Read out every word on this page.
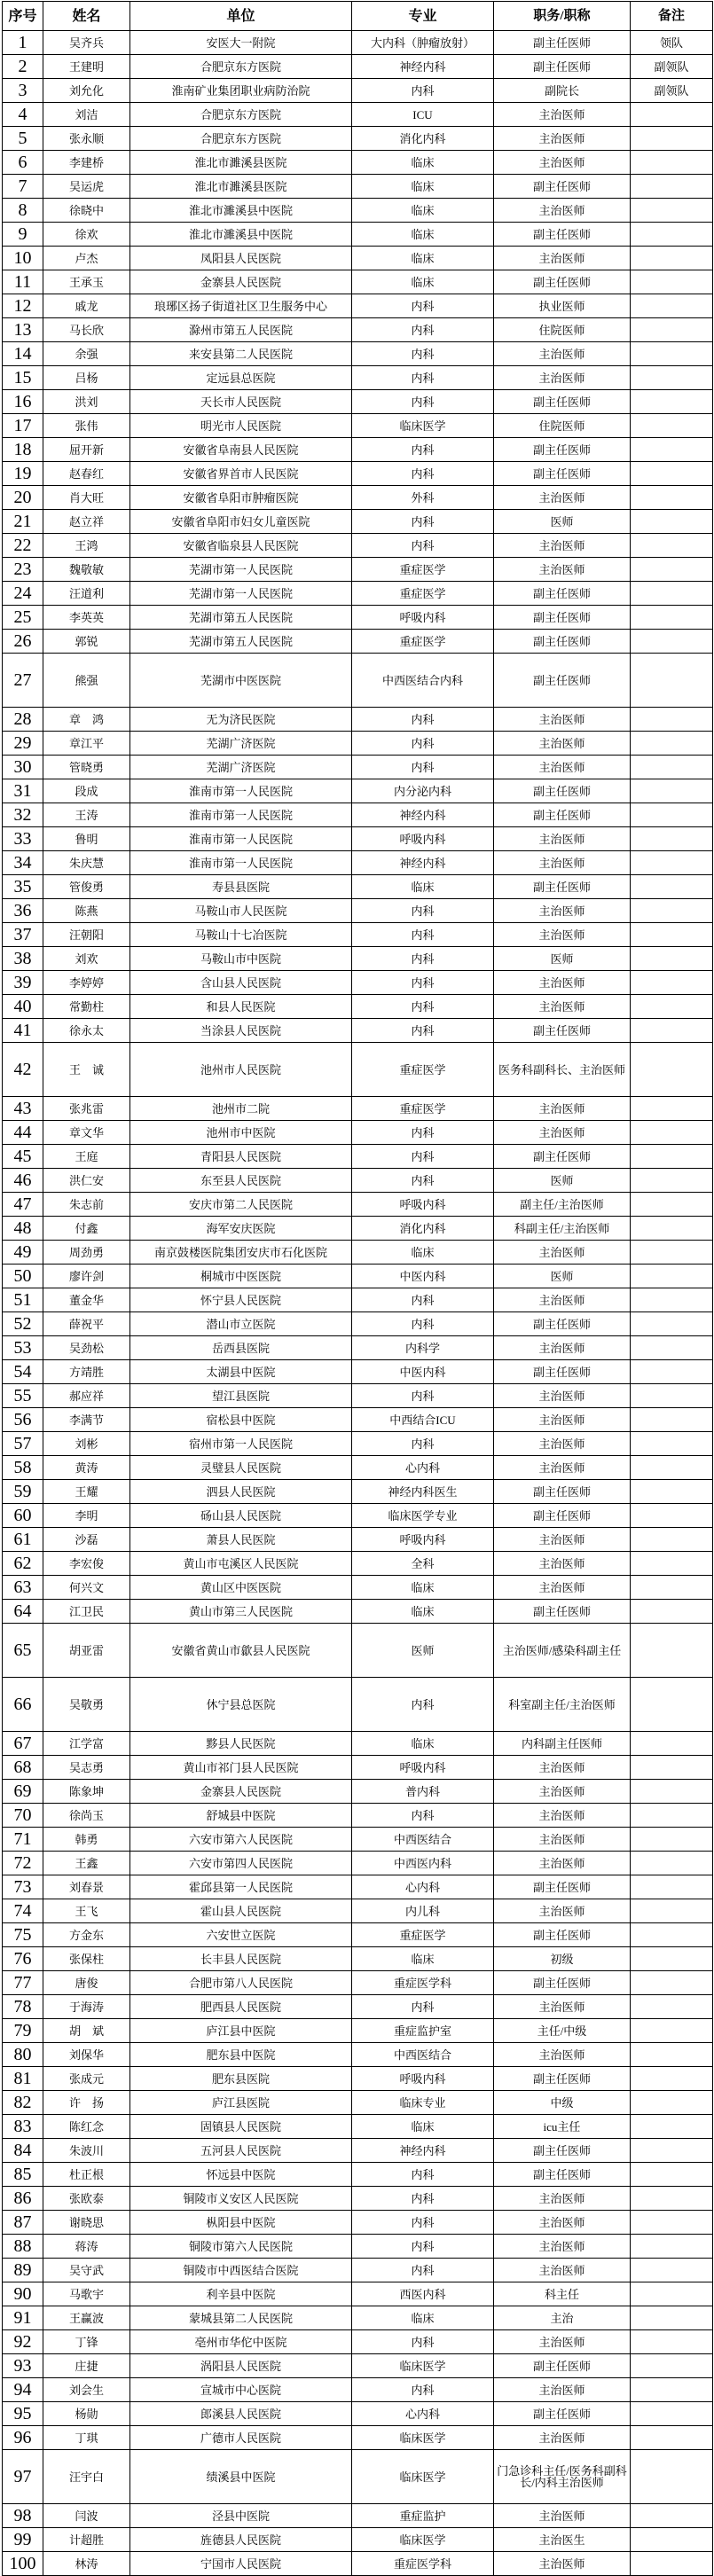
序号	姓名	单位	专业	职务/职称	备注
1	吴齐兵	安医大一附院	大内科（肿瘤放射）	副主任医师	领队
2	王建明	合肥京东方医院	神经内科	副主任医师	副领队
3	刘允化	淮南矿业集团职业病防治院	内科	副院长	副领队
4	刘洁	合肥京东方医院	ICU	主治医师	
5	张永顺	合肥京东方医院	消化内科	主治医师	
6	李建桥	淮北市濉溪县医院	临床	主治医师	
7	吴运虎	淮北市濉溪县医院	临床	副主任医师	
8	徐晓中	淮北市濉溪县中医院	临床	主治医师	
9	徐欢	淮北市濉溪县中医院	临床	副主任医师	
10	卢杰	凤阳县人民医院	临床	主治医师	
11	王承玉	金寨县人民医院	临床	副主任医师	
12	戚龙	琅琊区扬子街道社区卫生服务中心	内科	执业医师	
13	马长欣	滁州市第五人民医院	内科	住院医师	
14	余强	来安县第二人民医院	内科	主治医师	
15	吕杨	定远县总医院	内科	主治医师	
16	洪刘	天长市人民医院	内科	副主任医师	
17	张伟	明光市人民医院	临床医学	住院医师	
18	屈开新	安徽省阜南县人民医院	内科	副主任医师	
19	赵春红	安徽省界首市人民医院	内科	副主任医师	
20	肖大旺	安徽省阜阳市肿瘤医院	外科	主治医师	
21	赵立祥	安徽省阜阳市妇女儿童医院	内科	医师	
22	王鸿	安徽省临泉县人民医院	内科	主治医师	
23	魏敬敏	芜湖市第一人民医院	重症医学	主治医师	
24	汪道利	芜湖市第一人民医院	重症医学	副主任医师	
25	李英英	芜湖市第五人民医院	呼吸内科	副主任医师	
26	郭锐	芜湖市第五人民医院	重症医学	副主任医师	
27	熊强	芜湖市中医医院	中西医结合内科	副主任医师	
28	章　鸿	无为济民医院	内科	主治医师	
29	章江平	芜湖广济医院	内科	主治医师	
30	管晓勇	芜湖广济医院	内科	主治医师	
31	段成	淮南市第一人民医院	内分泌内科	副主任医师	
32	王涛	淮南市第一人民医院	神经内科	副主任医师	
33	鲁明	淮南市第一人民医院	呼吸内科	主治医师	
34	朱庆慧	淮南市第一人民医院	神经内科	主治医师	
35	管俊勇	寿县县医院	临床	副主任医师	
36	陈燕	马鞍山市人民医院	内科	主治医师	
37	汪朝阳	马鞍山十七冶医院	内科	主治医师	
38	刘欢	马鞍山市中医院	内科	医师	
39	李婷婷	含山县人民医院	内科	主治医师	
40	常勤柱	和县人民医院	内科	主治医师	
41	徐永太	当涂县人民医院	内科	副主任医师	
42	王　诚	池州市人民医院	重症医学	医务科副科长、主治医师	
43	张兆雷	池州市二院	重症医学	主治医师	
44	章文华	池州市中医院	内科	主治医师	
45	王庭	青阳县人民医院	内科	副主任医师	
46	洪仁安	东至县人民医院	内科	医师	
47	朱志前	安庆市第二人民医院	呼吸内科	副主任/主治医师	
48	付鑫	海军安庆医院	消化内科	科副主任/主治医师	
49	周劲勇	南京鼓楼医院集团安庆市石化医院	临床	主治医师	
50	廖许剑	桐城市中医医院	中医内科	医师	
51	董金华	怀宁县人民医院	内科	主治医师	
52	薛祝平	潜山市立医院	内科	副主任医师	
53	吴劲松	岳西县医院	内科学	主治医师	
54	方靖胜	太湖县中医院	中医内科	副主任医师	
55	郝应祥	望江县医院	内科	主治医师	
56	李满节	宿松县中医院	中西结合ICU	主治医师	
57	刘彬	宿州市第一人民医院	内科	主治医师	
58	黄涛	灵璧县人民医院	心内科	主治医师	
59	王耀	泗县人民医院	神经内科医生	副主任医师	
60	李明	砀山县人民医院	临床医学专业	副主任医师	
61	沙磊	萧县人民医院	呼吸内科	主治医师	
62	李宏俊	黄山市屯溪区人民医院	全科	主治医师	
63	何兴文	黄山区中医医院	临床	主治医师	
64	江卫民	黄山市第三人民医院	临床	副主任医师	
65	胡亚雷	安徽省黄山市歙县人民医院	医师	主治医师/感染科副主任	
66	吴敬勇	休宁县总医院	内科	科室副主任/主治医师	
67	江学富	黟县人民医院	临床	内科副主任医师	
68	吴志勇	黄山市祁门县人民医院	呼吸内科	主治医师	
69	陈象坤	金寨县人民医院	普内科	主治医师	
70	徐尚玉	舒城县中医院	内科	主治医师	
71	韩勇	六安市第六人民医院	中西医结合	主治医师	
72	王鑫	六安市第四人民医院	中西医内科	主治医师	
73	刘春景	霍邱县第一人民医院	心内科	副主任医师	
74	王飞	霍山县人民医院	内儿科	主治医师	
75	方金东	六安世立医院	重症医学	副主任医师	
76	张保柱	长丰县人民医院	临床	初级	
77	唐俊	合肥市第八人民医院	重症医学科	副主任医师	
78	于海涛	肥西县人民医院	内科	主治医师	
79	胡　斌	庐江县中医院	重症监护室	主任/中级	
80	刘保华	肥东县中医院	中西医结合	主治医师	
81	张成元	肥东县医院	呼吸内科	副主任医师	
82	许　扬	庐江县医院	临床专业	中级	
83	陈红念	固镇县人民医院	临床	icu主任	
84	朱波川	五河县人民医院	神经内科	副主任医师	
85	杜正根	怀远县中医院	内科	副主任医师	
86	张欧泰	铜陵市义安区人民医院	内科	主治医师	
87	谢晓思	枞阳县中医院	内科	主治医师	
88	蒋涛	铜陵市第六人民医院	内科	主治医师	
89	吴守武	铜陵市中西医结合医院	内科	主治医师	
90	马歌宇	利辛县中医院	西医内科	科主任	
91	王赢波	蒙城县第二人民医院	临床	主治	
92	丁锋	亳州市华佗中医院	内科	主治医师	
93	庄捷	涡阳县人民医院	临床医学	副主任医师	
94	刘会生	宣城市中心医院	内科	主治医师	
95	杨勋	郎溪县人民医院	心内科	副主任医师	
96	丁琪	广德市人民医院	临床医学	主治医师	
97	汪宇白	绩溪县中医院	临床医学	门急诊科主任/医务科副科长/内科主治医师	
98	闫波	泾县中医院	重症监护	主治医师	
99	计超胜	旌德县人民医院	临床医学	主治医生	
100	林涛	宁国市人民医院	重症医学科	主治医师	
